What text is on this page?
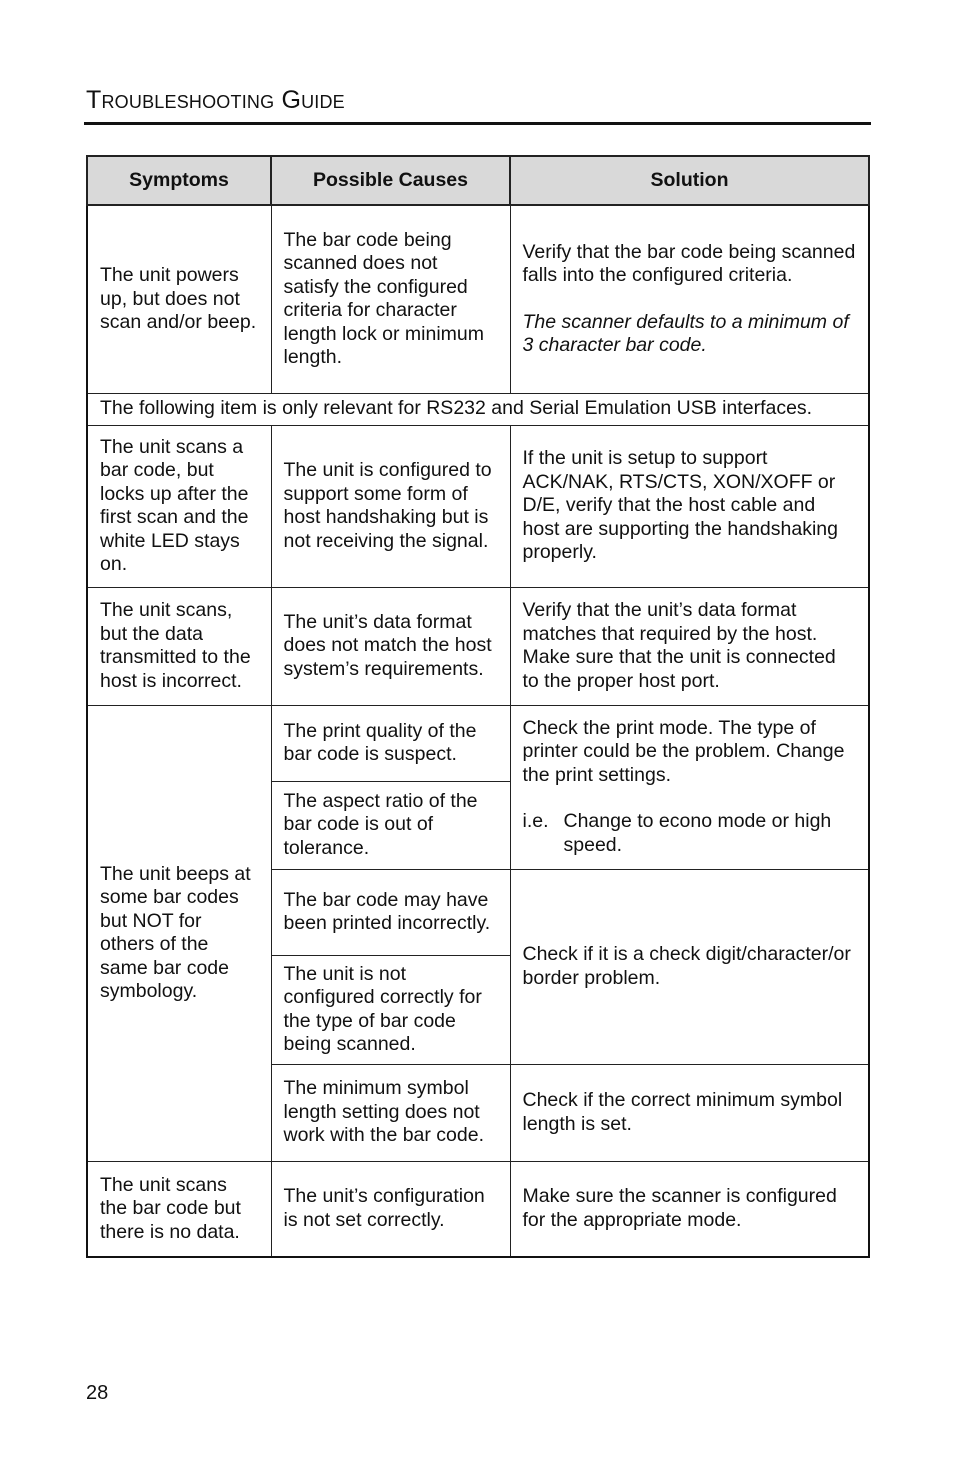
Troubleshooting Guide
Symptoms	Possible Causes	Solution
The unit powers up, but does not scan and/or beep.	The bar code being scanned does not satisfy the configured criteria for character length lock or minimum length.	Verify that the bar code being scanned falls into the configured criteria.
The scanner defaults to a minimum of 3 character bar code.

The following item is only relevant for RS232 and Serial Emulation USB interfaces.		
The unit scans a bar code, but locks up after the first scan and the white LED stays on.	The unit is configured to support some form of host handshaking but is not receiving the signal.	If the unit is setup to support ACK/NAK, RTS/CTS, XON/XOFF or D/E, verify that the host cable and host are supporting the handshaking properly.
The unit scans, but the data transmitted to the host is incorrect.	The unit’s data format does not match the host system’s requirements.	Verify that the unit’s data format matches that required by the host. Make sure that the unit is connected to the proper host port.
The unit beeps at some bar codes but NOT for others of the same bar code symbology.	The print quality of the bar code is suspect.	Check the print mode. The type of printer could be the problem. Change the print settings.
i.e. Change to econo mode or high speed.

	The aspect ratio of the bar code is out of tolerance.	
	The bar code may have been printed incorrectly.	Check if it is a check digit/character/or border problem.
	The unit is not configured correctly for the type of bar code being scanned.	
	The minimum symbol length setting does not work with the bar code.	Check if the correct minimum symbol length is set.
The unit scans the bar code but there is no data.	The unit’s configuration is not set correctly.	Make sure the scanner is configured for the appropriate mode.
28
